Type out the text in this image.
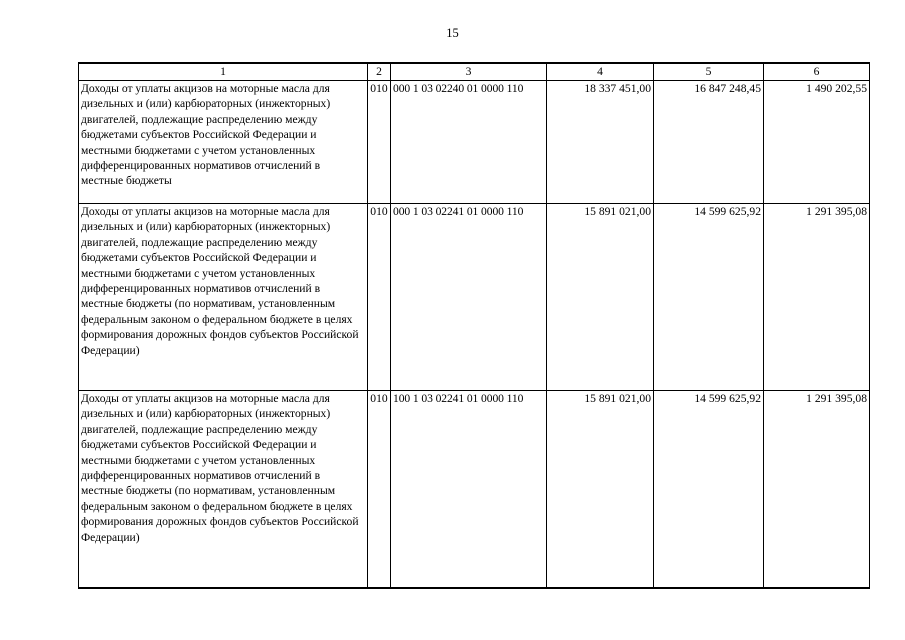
15
1	2	3	4	5	6
Доходы от уплаты акцизов на моторные масла для дизельных и (или) карбюраторных (инжекторных) двигателей, подлежащие распределению между бюджетами субъектов Российской Федерации и местными бюджетами с учетом установленных дифференцированных нормативов отчислений в местные бюджеты	010	000 1 03 02240 01 0000 110	18 337 451,00	16 847 248,45	1 490 202,55
Доходы от уплаты акцизов на моторные масла для дизельных и (или) карбюраторных (инжекторных) двигателей, подлежащие распределению между бюджетами субъектов Российской Федерации и местными бюджетами с учетом установленных дифференцированных нормативов отчислений в местные бюджеты (по нормативам, установленным федеральным законом о федеральном бюджете в целях формирования дорожных фондов субъектов Российской Федерации)	010	000 1 03 02241 01 0000 110	15 891 021,00	14 599 625,92	1 291 395,08
Доходы от уплаты акцизов на моторные масла для дизельных и (или) карбюраторных (инжекторных) двигателей, подлежащие распределению между бюджетами субъектов Российской Федерации и местными бюджетами с учетом установленных дифференцированных нормативов отчислений в местные бюджеты (по нормативам, установленным федеральным законом о федеральном бюджете в целях формирования дорожных фондов субъектов Российской Федерации)	010	100 1 03 02241 01 0000 110	15 891 021,00	14 599 625,92	1 291 395,08
